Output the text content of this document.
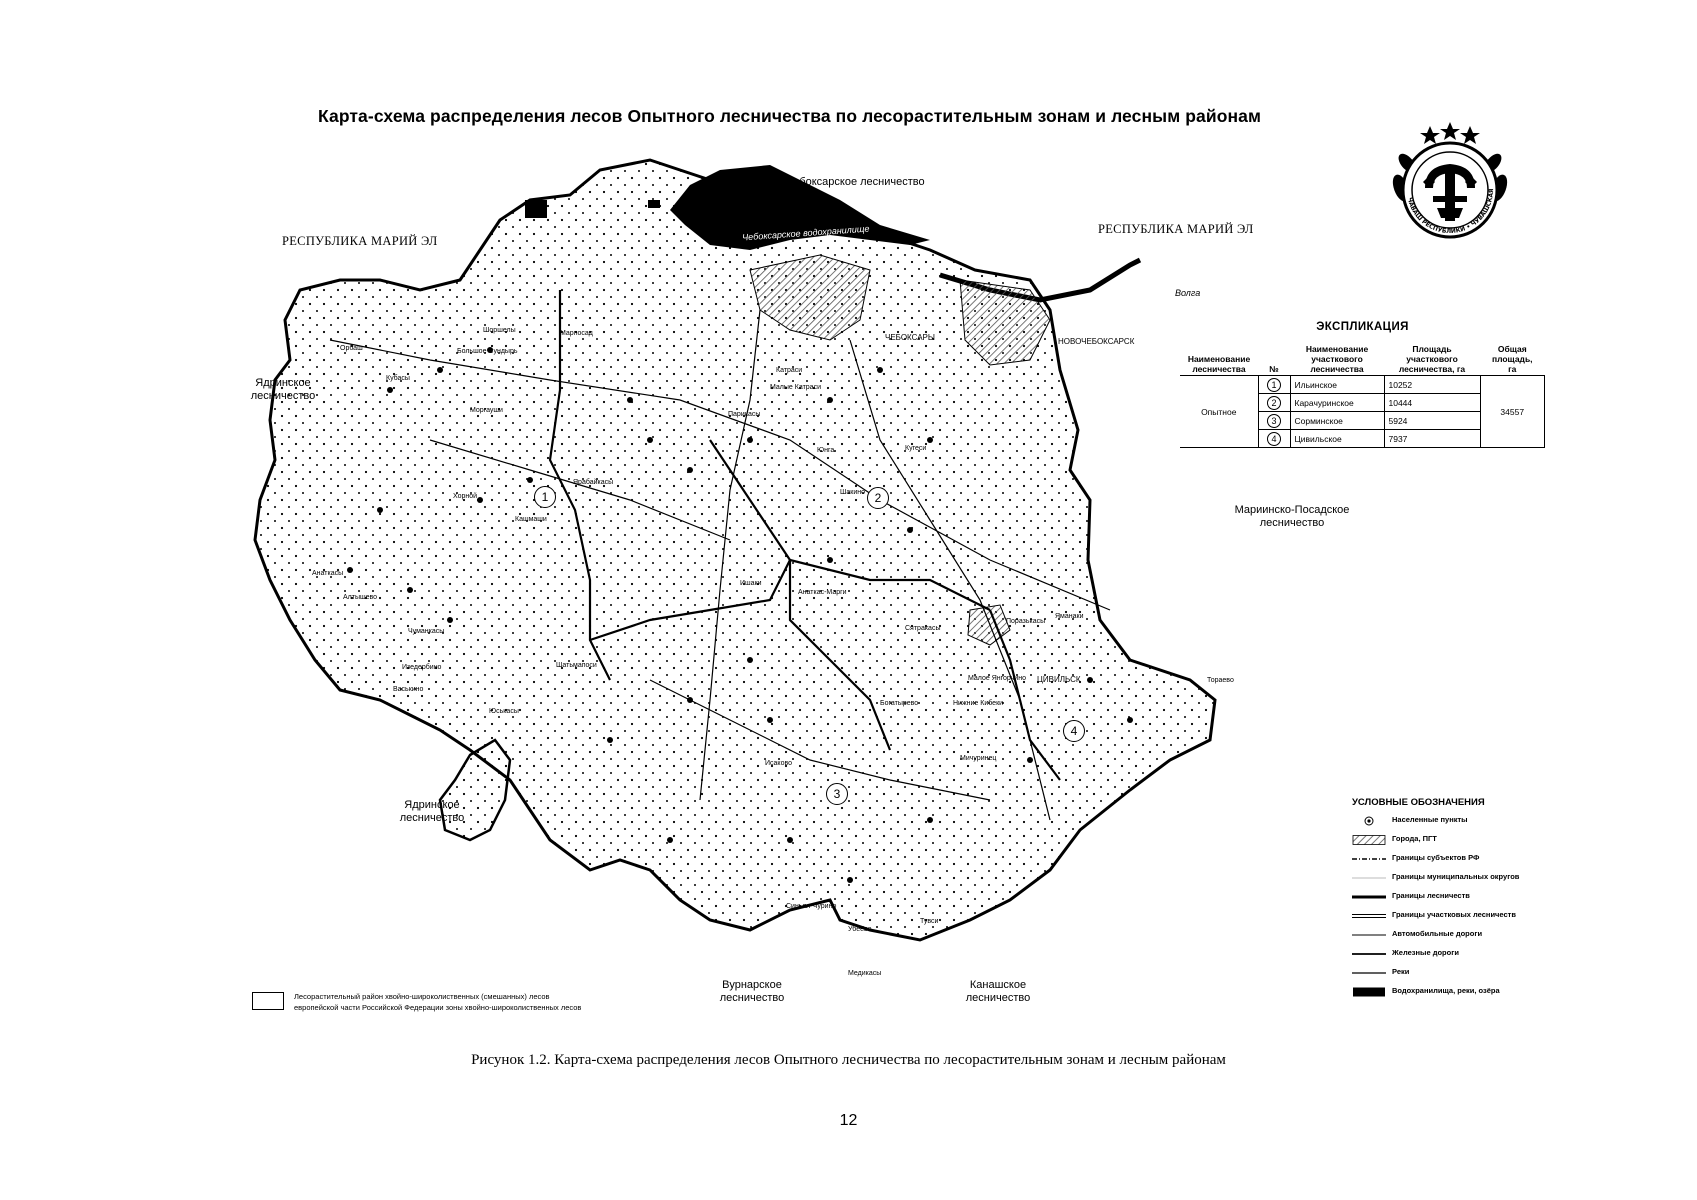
Карта-схема распределения лесов Опытного лесничества по лесорастительным зонам и лесным районам
ЧĂВАШ РЕСПУБЛИКИ • ЧУВАШСКАЯ
РЕСПУБЛИКА МАРИЙ ЭЛ
РЕСПУБЛИКА МАРИЙ ЭЛ
Чебоксарское лесничество
Ядринское
лесничество
Ядринское
лесничество
Мариинско-Посадское
лесничество
Вурнарское
лесничество
Канашское
лесничество
Чебоксарское водохранилище
Волга
ЧЕБОКСАРЫ	НОВОЧЕБОКСАРСК
ЦИВИЛЬСК
Кубасы
Орбаш	Большое Сундырь
Шоршелы	Марпосад
Моргауши
Ярабайкасы
Хорной
Кашмаши
Шатьмапоси
Юськасы
Васькино
Изедербино
Чуманкасы
Анаткасы
Малые Катраси
Парикасы
Ишаки
Шакино
Кугеси
Катраси
Анаткас-Марги
Поразькасы
Богатырево	Нижние Кибеки
Мичуринец
Исаково
Яманаки
Тувси
Медикасы
Синьял-Чурино
Убеево
Алтышево
Тораево
Юнга
Сятракасы
Малое Янгорчино
1	2
3
4
ЭКСПЛИКАЦИЯ
Наименование
лесничества	№	Наименование
участкового
лесничества	Площадь
участкового
лесничества, га	Общая
площадь,
га
Опытное	1	Ильинское	10252	34557
	2	Карачуринское	10444	
	3	Сорминское	5924	
	4	Цивильское	7937	
УСЛОВНЫЕ ОБОЗНАЧЕНИЯ
Населенные пункты
Города, ПГТ
Границы субъектов РФ
Границы муниципальных округов
Границы лесничеств
Границы участковых лесничеств
Автомобильные дороги
Железные дороги
Реки
Водохранилища, реки, озёра
Лесорастительный район хвойно-широколиственных (смешанных) лесов
европейской части Российской Федерации зоны хвойно-широколиственных лесов
Рисунок 1.2. Карта-схема распределения лесов Опытного лесничества по лесорастительным зонам и лесным районам
12
